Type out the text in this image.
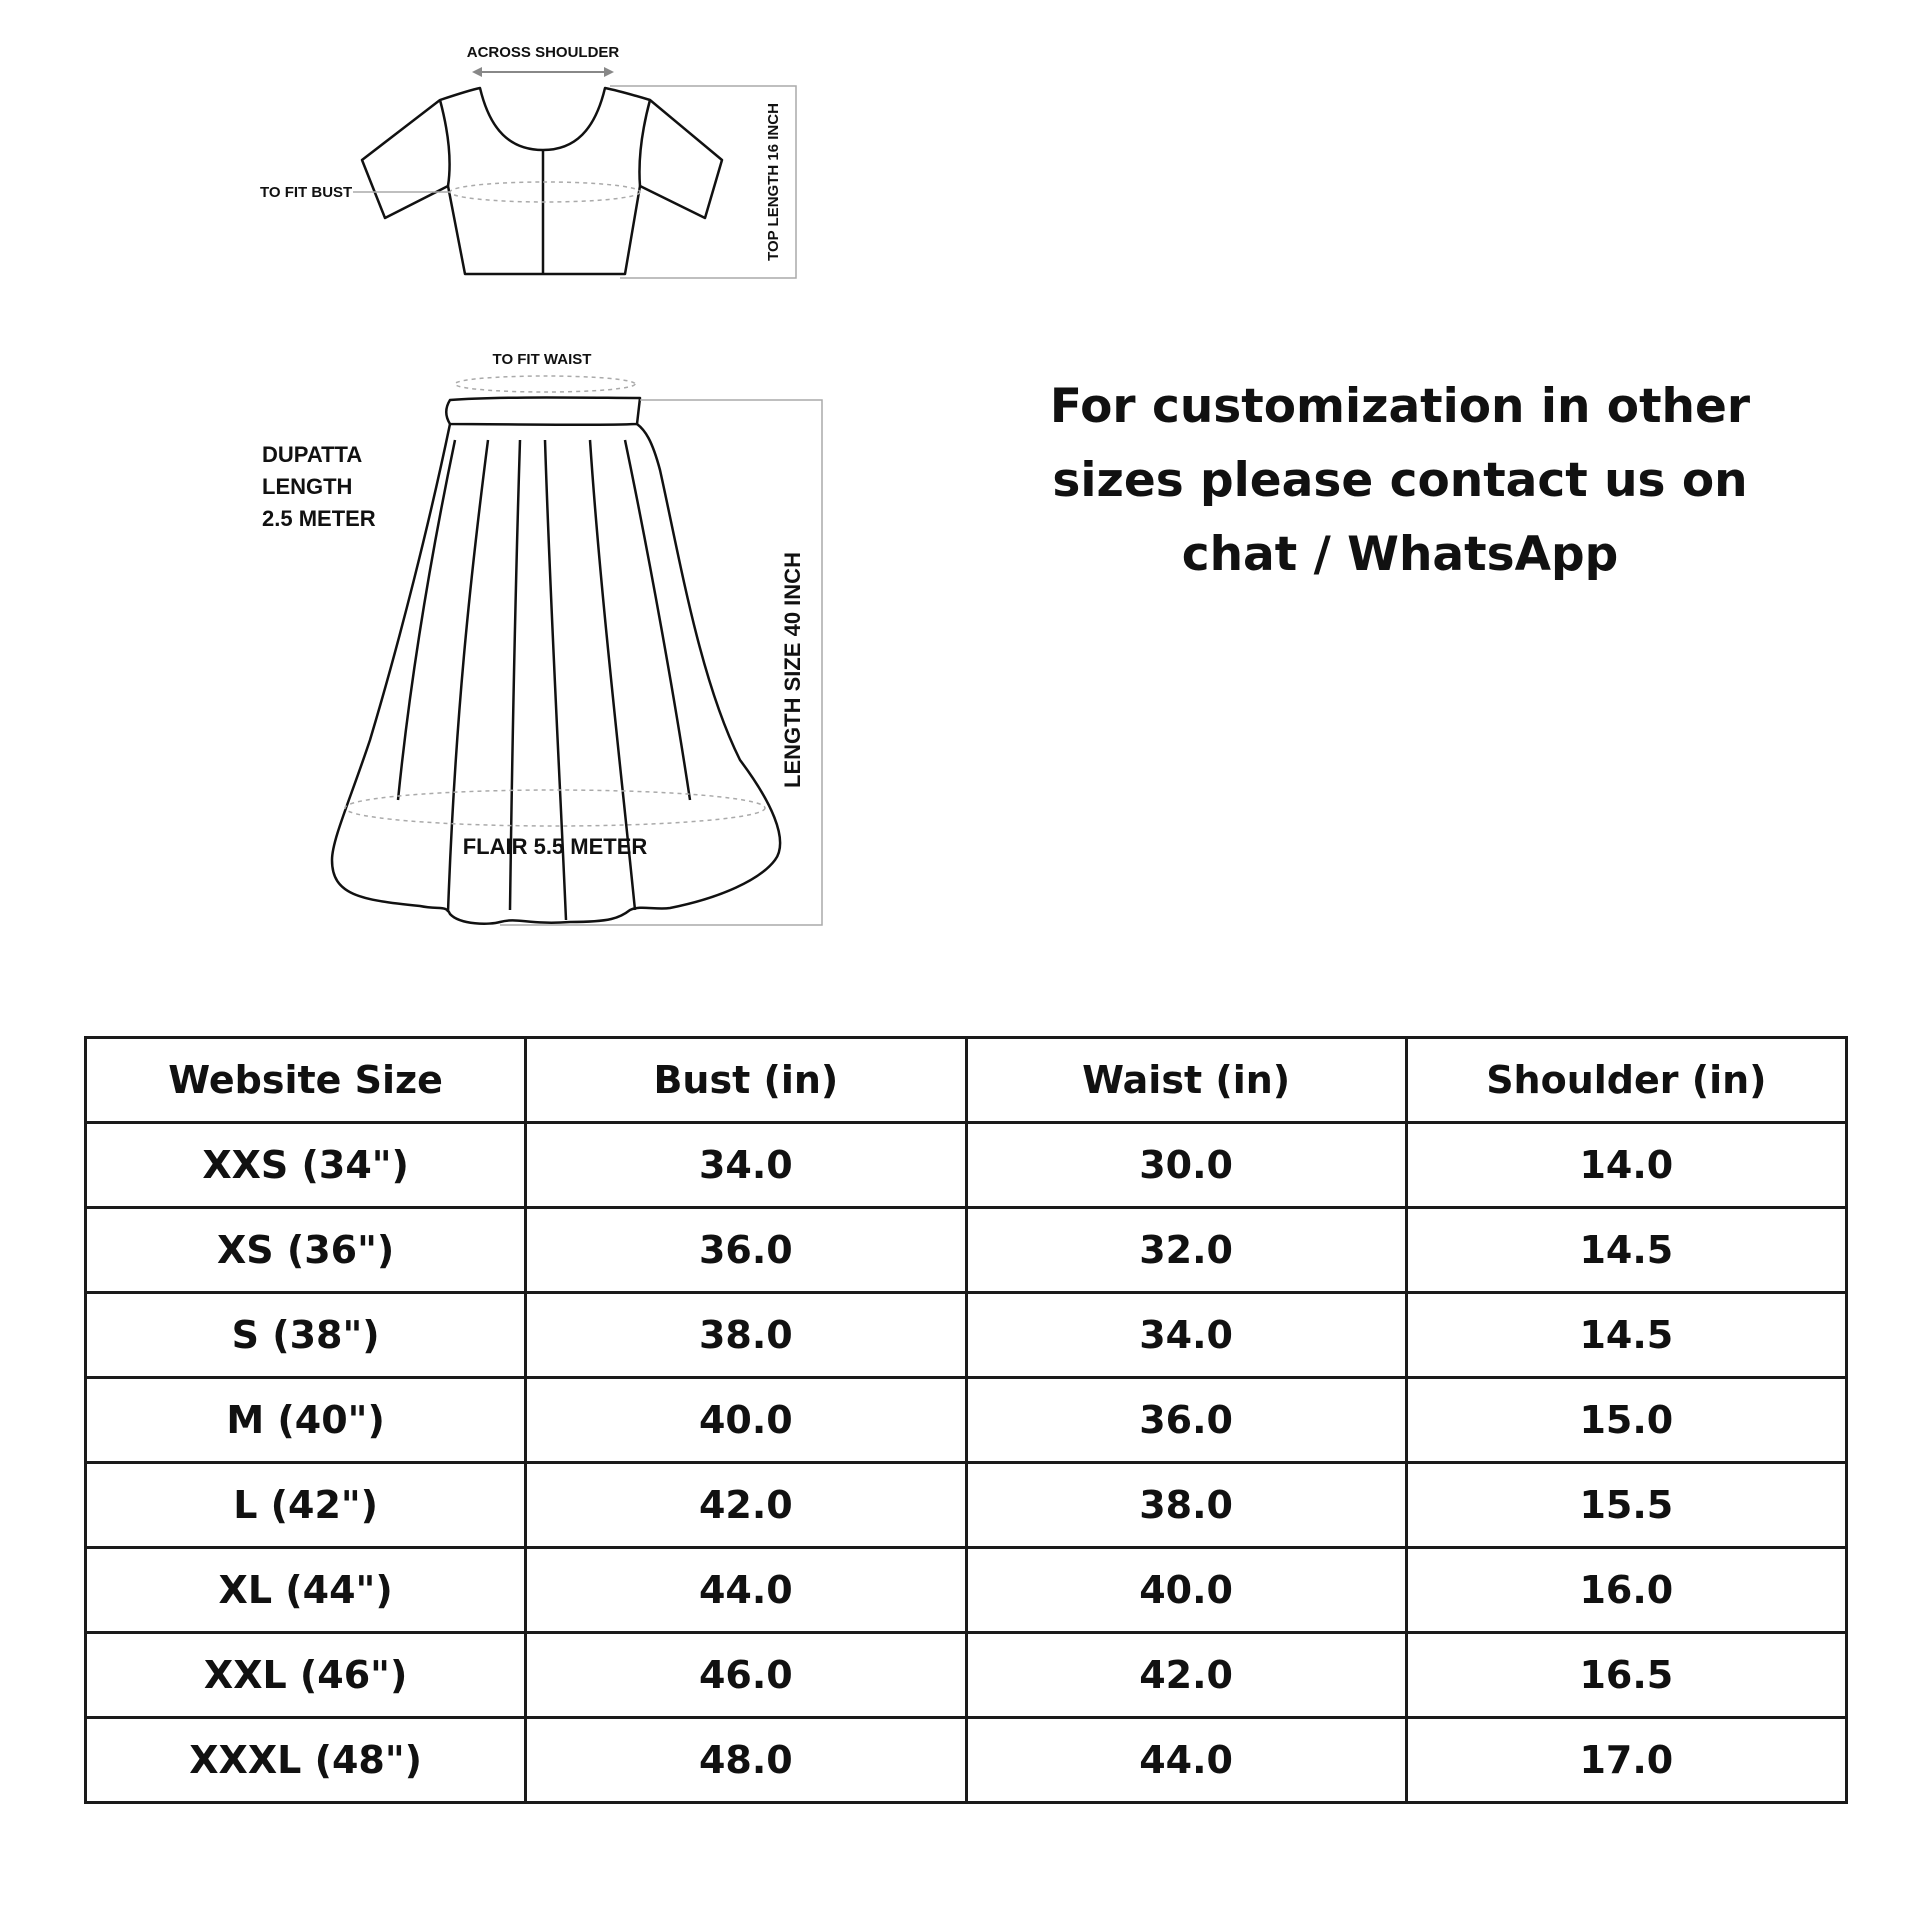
ACROSS SHOULDER
TO FIT BUST	TOP LENGTH 16 INCH
TO FIT WAIST
DUPATTA
LENGTH
2.5 METER
LENGTH SIZE 40 INCH
FLAIR 5.5 METER
For customization in other
sizes please contact us on
chat / WhatsApp
Website Size	Bust (in)	Waist (in)	Shoulder (in)
XXS (34")	34.0	30.0	14.0
XS (36")	36.0	32.0	14.5
S (38")	38.0	34.0	14.5
M (40")	40.0	36.0	15.0
L (42")	42.0	38.0	15.5
XL (44")	44.0	40.0	16.0
XXL (46")	46.0	42.0	16.5
XXXL (48")	48.0	44.0	17.0
